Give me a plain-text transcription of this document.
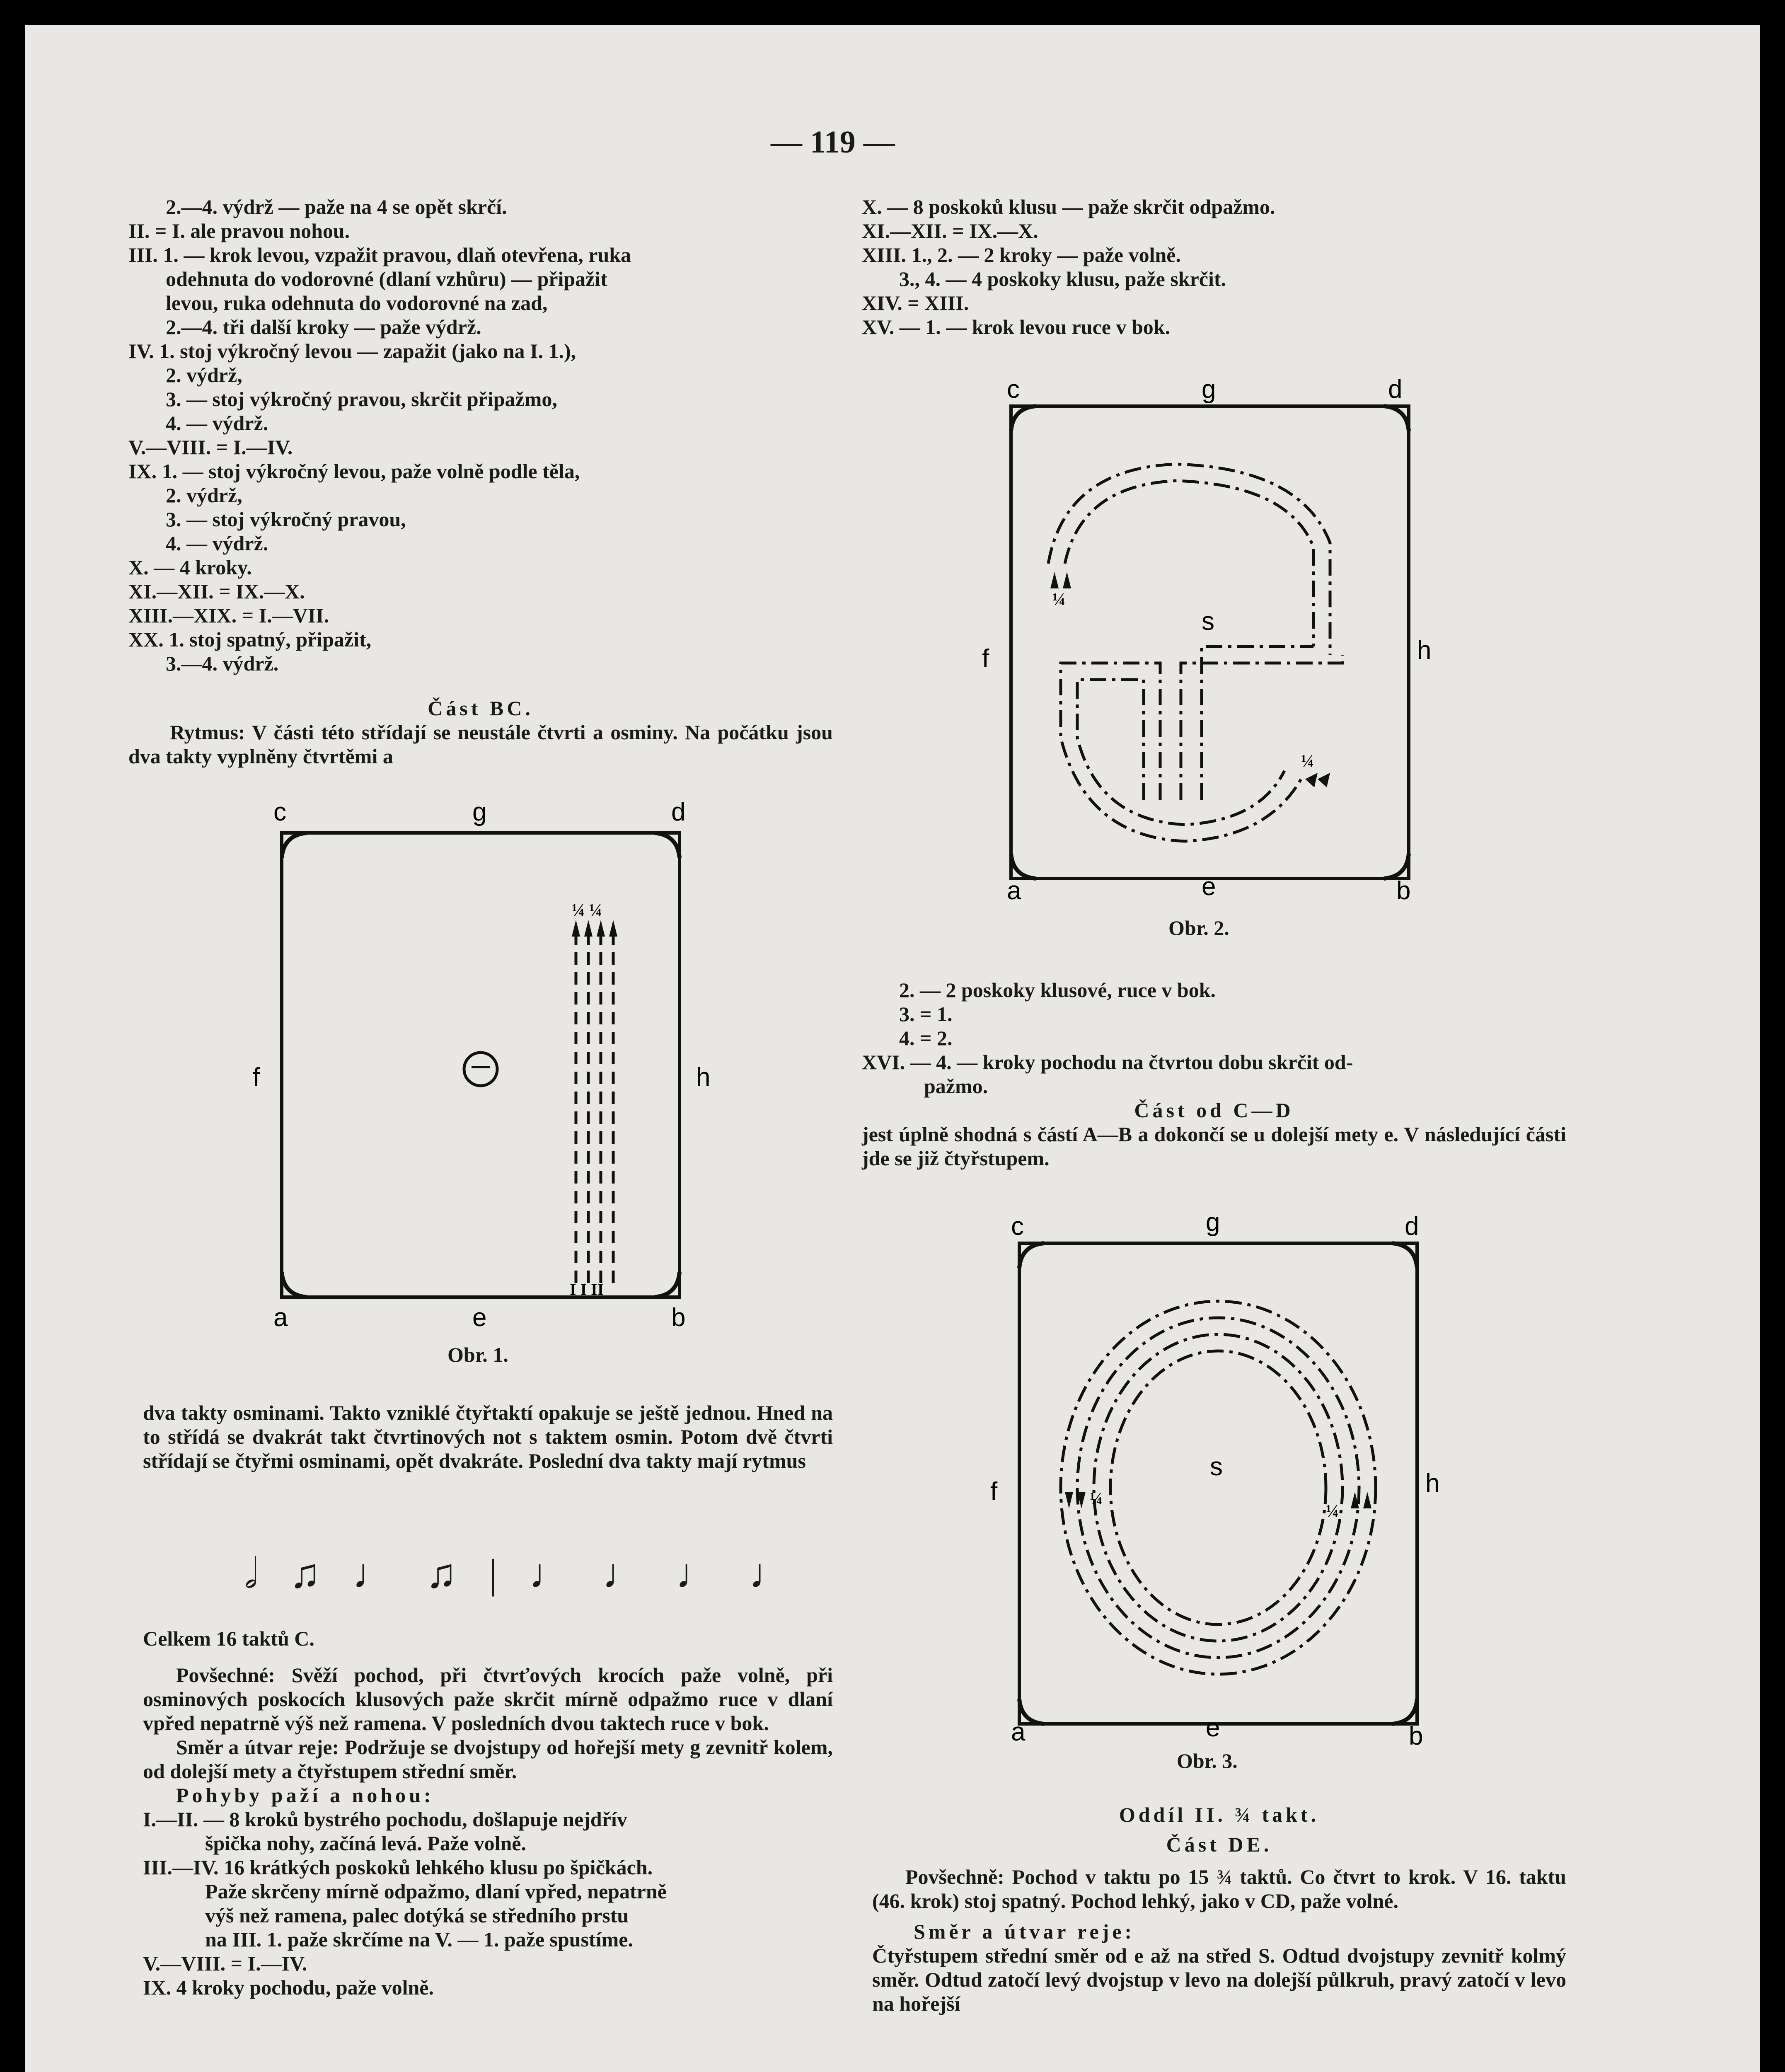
— 119 —

2.—4. výdrž — paže na 4 se opět skrčí.

II. = I. ale pravou nohou.

III. 1. — krok levou, vzpažit pravou, dlaň otevřena, ruka

odehnuta do vodorovné (dlaní vzhůru) — připažit

levou, ruka odehnuta do vodorovné na zad,

2.—4. tři další kroky — paže výdrž.

IV. 1. stoj výkročný levou — zapažit (jako na I. 1.),

2. výdrž,

3. — stoj výkročný pravou, skrčit připažmo,

4. — výdrž.

V.—VIII. = I.—IV.

IX. 1. — stoj výkročný levou, paže volně podle těla,

2. výdrž,

3. — stoj výkročný pravou,

4. — výdrž.

X. — 4 kroky.

XI.—XII. = IX.—X.

XIII.—XIX. = I.—VII.

XX. 1. stoj spatný, připažit,

3.—4. výdrž.

Část BC.

Rytmus: V části této střídají se neustále čtvrti a osminy. Na počátku jsou dva takty vyplněny čtvrtěmi a

c	g	d
f	h
¼ ¼
I I II
a	e	b
Obr. 1.

dva takty osminami. Takto vzniklé čtyřtaktí opakuje se ještě jednou. Hned na to střídá se dvakrát takt čtvrtinových not s taktem osmin. Potom dvě čtvrti střídají se čtyřmi osminami, opět dvakráte. Poslední dva takty mají rytmus

𝅗𝅥 ♫ ♩ ♫ | ♩ ♩ ♩ ♩

Celkem 16 taktů C.

Povšechné: Svěží pochod, při čtvrťových krocích paže volně, při osminových poskocích klusových paže skrčit mírně odpažmo ruce v dlaní vpřed nepatrně výš než ramena. V posledních dvou taktech ruce v bok.

Směr a útvar reje: Podržuje se dvojstupy od hořejší mety g zevnitř kolem, od dolejší mety a čtyřstupem střední směr.

Pohyby paží a nohou:

I.—II. — 8 kroků bystrého pochodu, došlapuje nejdřív

špička nohy, začíná levá. Paže volně.

III.—IV. 16 krátkých poskoků lehkého klusu po špičkách.

Paže skrčeny mírně odpažmo, dlaní vpřed, nepatrně

výš než ramena, palec dotýká se středního prstu

na III. 1. paže skrčíme na V. — 1. paže spustíme.

V.—VIII. = I.—IV.

IX. 4 kroky pochodu, paže volně.

X. — 8 poskoků klusu — paže skrčit odpažmo.

XI.—XII. = IX.—X.

XIII. 1., 2. — 2 kroky — paže volně.

3., 4. — 4 poskoky klusu, paže skrčit.

XIV. = XIII.

XV. — 1. — krok levou ruce v bok.

c	g	d
f	h
s
¼
¼
a	e	b
Obr. 2.

2. — 2 poskoky klusové, ruce v bok.

3. = 1.

4. = 2.

XVI. — 4. — kroky pochodu na čtvrtou dobu skrčit od-

pažmo.

Část od C—D

jest úplně shodná s částí A—B a dokončí se u dolejší mety e. V následující části jde se již čtyřstupem.

c	g	d
f	h
s
¼
¼
a	e	b
Obr. 3.

Oddíl II. ¾ takt.

Část DE.

Povšechně: Pochod v taktu po 15 ¾ taktů. Co čtvrt to krok. V 16. taktu (46. krok) stoj spatný. Pochod lehký, jako v CD, paže volné.

Směr a útvar reje:

Čtyřstupem střední směr od e až na střed S. Odtud dvojstupy zevnitř kolmý směr. Odtud zatočí levý dvojstup v levo na dolejší půlkruh, pravý zatočí v levo na hořejší
